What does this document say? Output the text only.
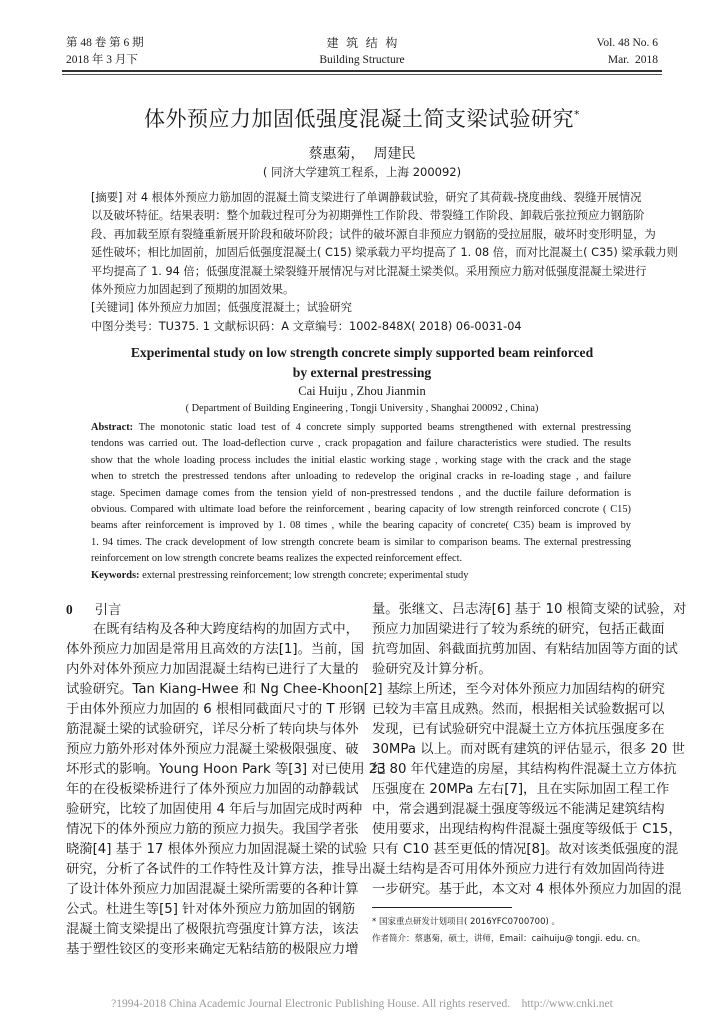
第 48 卷 第 6 期
2018 年 3 月下
建  筑  结  构
Building Structure
Vol. 48 No. 6
Mar.  2018
体外预应力加固低强度混凝土简支梁试验研究*
蔡惠菊，  周建民
( 同济大学建筑工程系，上海 200092)
[摘要] 对 4 根体外预应力筋加固的混凝土简支梁进行了单调静载试验，研究了其荷载-挠度曲线、裂缝开展情况
以及破坏特征。结果表明：整个加载过程可分为初期弹性工作阶段、带裂缝工作阶段、卸载后张拉预应力钢筋阶
段、再加载至原有裂缝重新展开阶段和破坏阶段；试件的破坏源自非预应力钢筋的受拉屈服，破坏时变形明显，为
延性破坏；相比加固前，加固后低强度混凝土( C15) 梁承载力平均提高了 1. 08 倍，而对比混凝土( C35) 梁承载力则
平均提高了 1. 94 倍；低强度混凝土梁裂缝开展情况与对比混凝土梁类似。采用预应力筋对低强度混凝土梁进行
体外预应力加固起到了预期的加固效果。
[关键词] 体外预应力加固；低强度混凝土；试验研究
中图分类号：TU375. 1 文献标识码：A 文章编号：1002-848X( 2018) 06-0031-04
Experimental study on low strength concrete simply supported beam reinforced
by external prestressing
Cai Huiju , Zhou Jianmin
( Department of Building Engineering , Tongji University , Shanghai 200092 , China)
Abstract: The monotonic static load test of 4 concrete simply supported beams strengthened with external prestressing
tendons was carried out. The load-deflection curve , crack propagation and failure characteristics were studied. The results
show that the whole loading process includes the initial elastic working stage , working stage with the crack and the stage
when to stretch the prestressed tendons after unloading to redevelop the original cracks in re-loading stage , and failure
stage. Specimen damage comes from the tension yield of non-prestressed tendons , and the ductile failure deformation is
obvious. Compared with ultimate load before the reinforcement , bearing capacity of low strength reinforced concrote ( C15)
beams after reinforcement is improved by 1. 08 times , while the bearing capacity of concrete( C35) beam is improved by
1. 94 times. The crack development of low strength concrete beam is similar to comparison beams. The external prestressing
reinforcement on low strength concrete beams realizes the expected reinforcement effect.
Keywords: external prestressing reinforcement; low strength concrete; experimental study
0 引言
在既有结构及各种大跨度结构的加固方式中，
体外预应力加固是常用且高效的方法[1]。当前，国
内外对体外预应力加固混凝土结构已进行了大量的
试验研究。Tan Kiang-Hwee 和 Ng Chee-Khoon[2] 基
于由体外预应力加固的 6 根相同截面尺寸的 T 形钢
筋混凝土梁的试验研究，详尽分析了转向块与体外
预应力筋外形对体外预应力混凝土梁极限强度、破
坏形式的影响。Young Hoon Park 等[3] 对已使用 23
年的在役板梁桥进行了体外预应力加固的动静载试
验研究，比较了加固使用 4 年后与加固完成时两种
情况下的体外预应力筋的预应力损失。我国学者张
晓漪[4] 基于 17 根体外预应力加固混凝土梁的试验
研究，分析了各试件的工作特性及计算方法，推导出
了设计体外预应力加固混凝土梁所需要的各种计算
公式。杜进生等[5] 针对体外预应力筋加固的钢筋
混凝土简支梁提出了极限抗弯强度计算方法，该法
基于塑性铰区的变形来确定无粘结筋的极限应力增
量。张继文、吕志涛[6] 基于 10 根简支梁的试验，对
预应力加固梁进行了较为系统的研究，包括正截面
抗弯加固、斜截面抗剪加固、有粘结加固等方面的试
验研究及计算分析。
综上所述，至今对体外预应力加固结构的研究
已较为丰富且成熟。然而，根据相关试验数据可以
发现，已有试验研究中混凝土立方体抗压强度多在
30MPa 以上。而对既有建筑的评估显示，很多 20 世
纪 80 年代建造的房屋，其结构构件混凝土立方体抗
压强度在 20MPa 左右[7]，且在实际加固工程工作
中，常会遇到混凝土强度等级远不能满足建筑结构
使用要求，出现结构构件混凝土强度等级低于 C15，
只有 C10 甚至更低的情况[8]。故对该类低强度的混
凝土结构是否可用体外预应力进行有效加固尚待进
一步研究。基于此，本文对 4 根体外预应力加固的混
* 国家重点研发计划项目( 2016YFC0700700) 。
作者简介：蔡惠菊，硕士，讲师，Email：caihuiju@ tongji. edu. cn。
?1994-2018 China Academic Journal Electronic Publishing House. All rights reserved.    http://www.cnki.net
